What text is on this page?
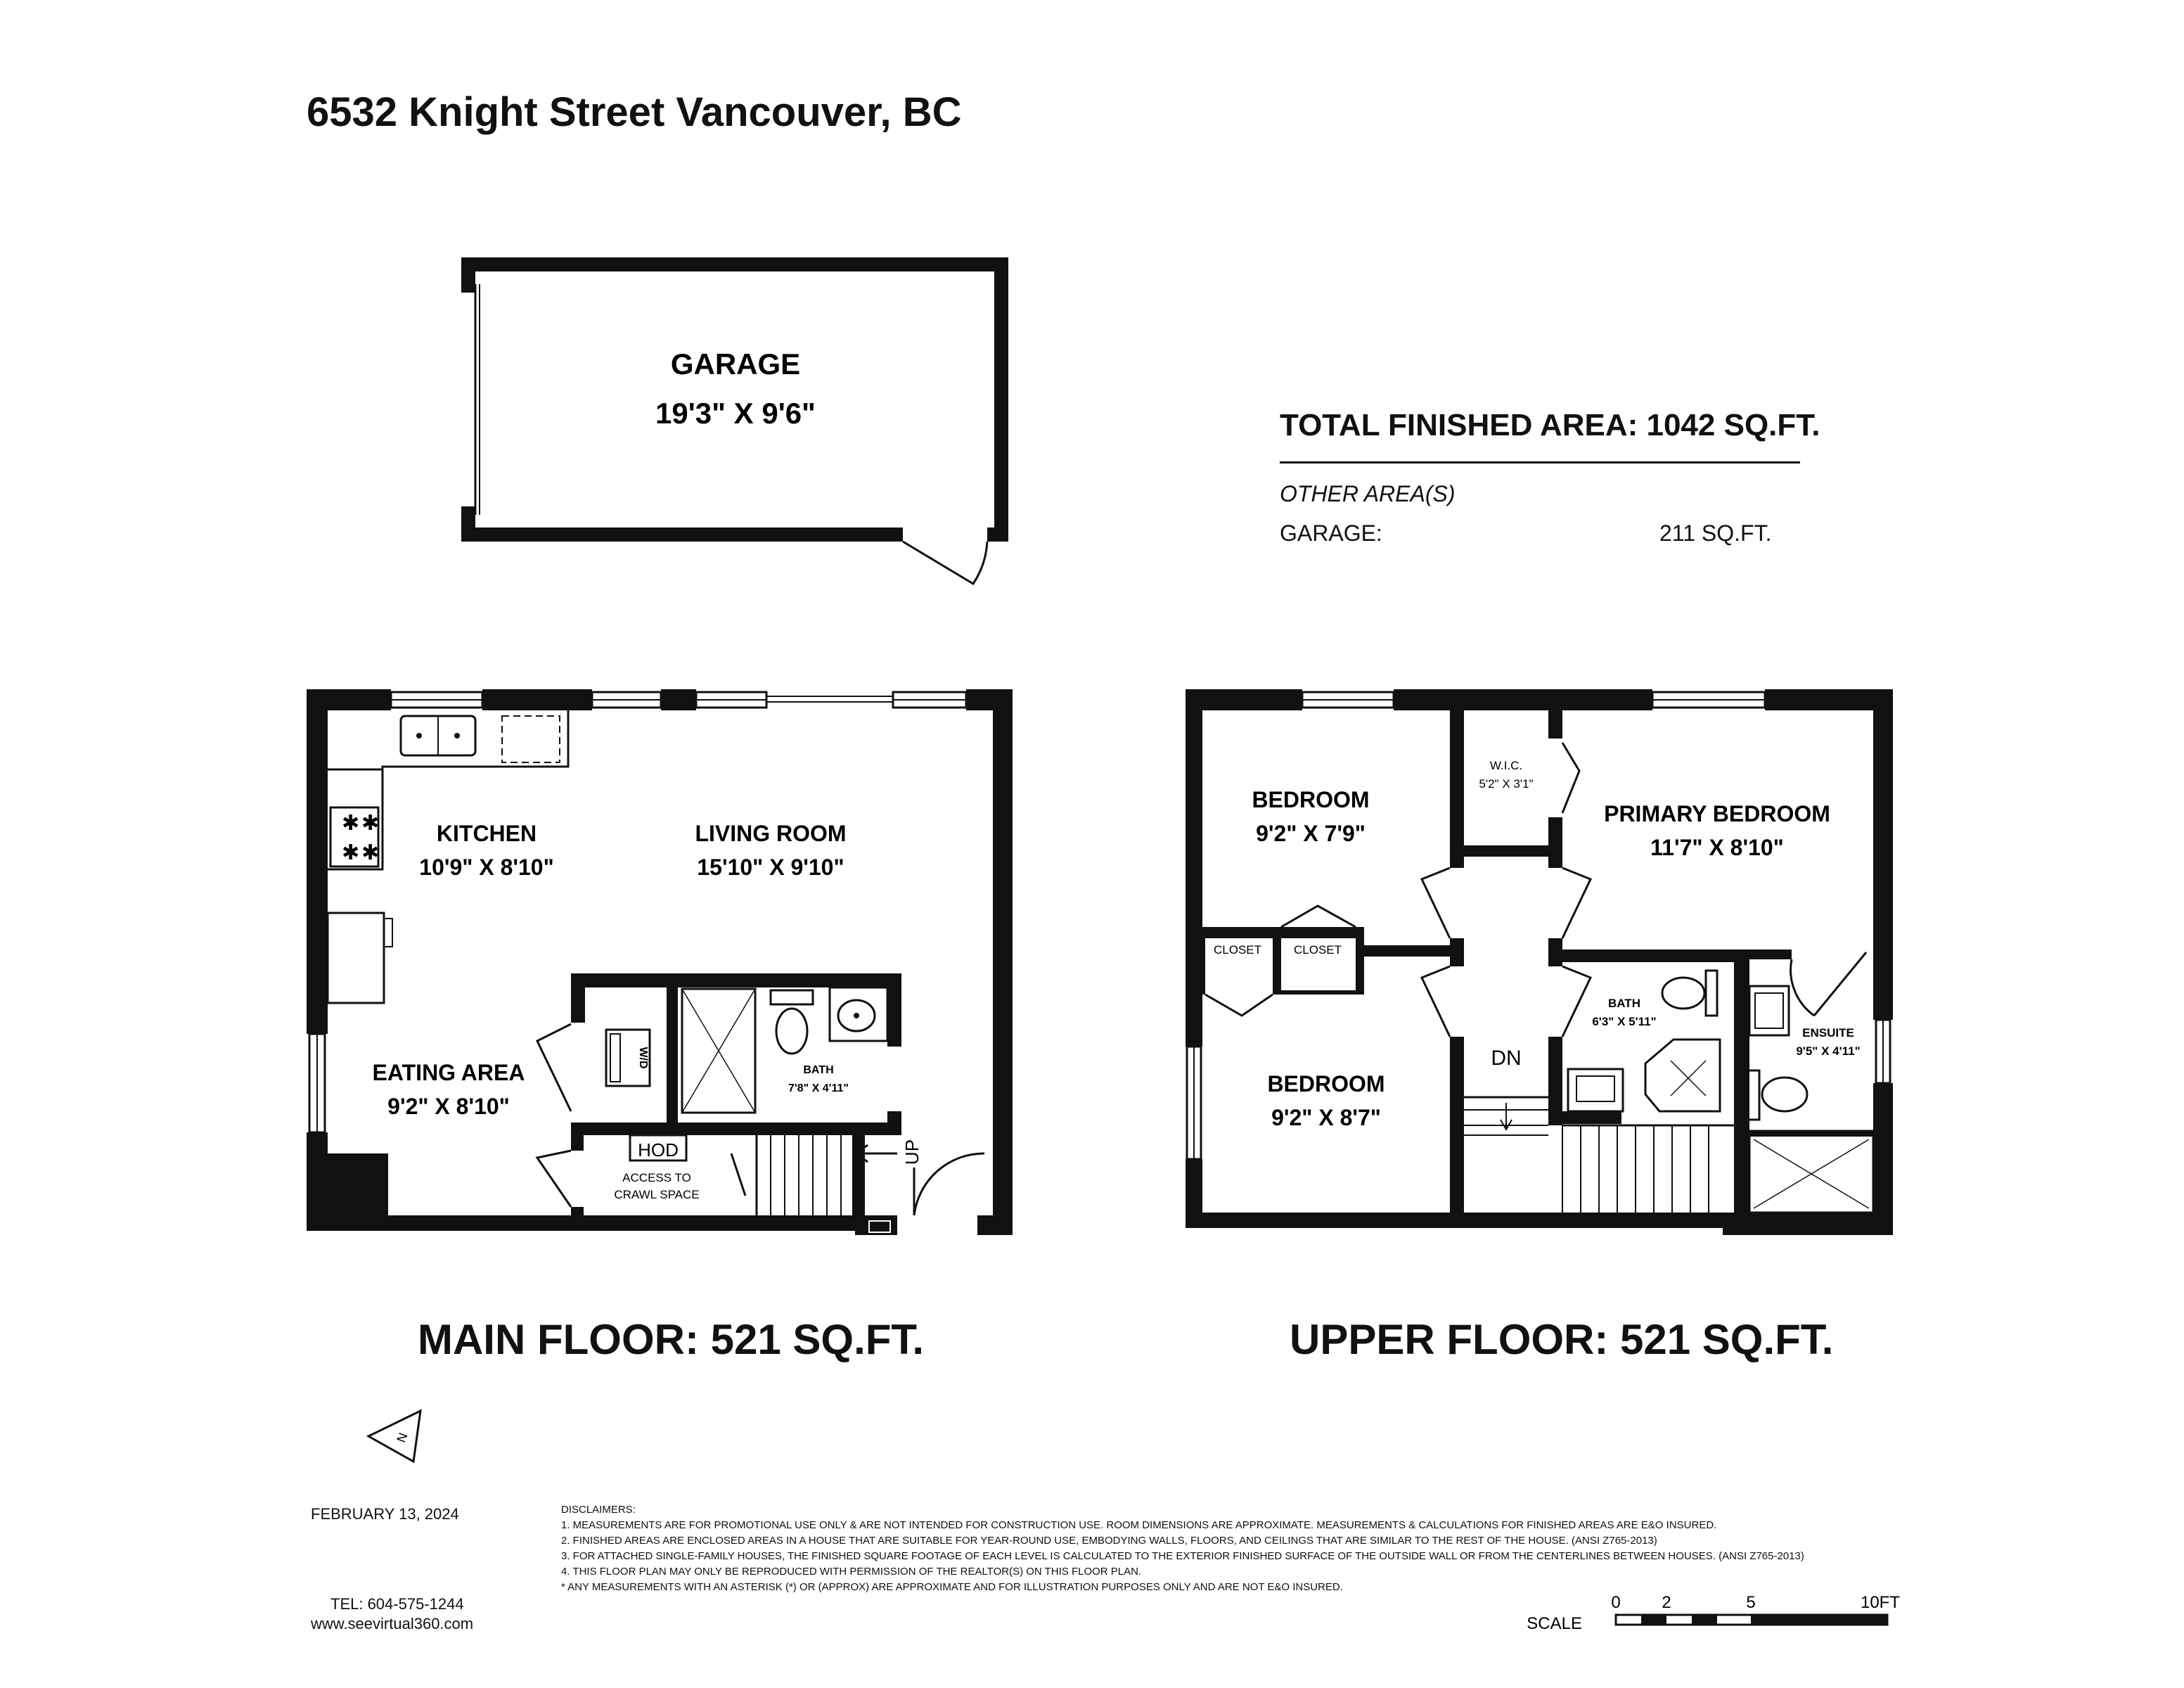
6532 Knight Street Vancouver, BC
TOTAL FINISHED AREA: 1042 SQ.FT.
OTHER AREA(S)
GARAGE:	211 SQ.FT.
GARAGE
19'3" X 9'6"
✱ ✱
✱ ✱
KITCHEN
10'9" X 8'10"
LIVING ROOM
15'10" X 9'10"
EATING AREA
9'2" X 8'10"
BATH
7'8" X 4'11"
W/D
HOD
ACCESS TO
CRAWL SPACE
UP
BEDROOM
9'2" X 7'9"
W.I.C.
5'2" X 3'1"
PRIMARY BEDROOM
11'7" X 8'10"
CLOSET	CLOSET
BATH
6'3" X 5'11"
ENSUITE
9'5" X 4'11"
BEDROOM
9'2" X 8'7"
DN
N
SCALE
0 2	5	10FT
MAIN FLOOR: 521 SQ.FT.	UPPER FLOOR: 521 SQ.FT.
FEBRUARY 13, 2024
TEL: 604-575-1244
www.seevirtual360.com
DISCLAIMERS:
1. MEASUREMENTS ARE FOR PROMOTIONAL USE ONLY & ARE NOT INTENDED FOR CONSTRUCTION USE. ROOM DIMENSIONS ARE APPROXIMATE. MEASUREMENTS & CALCULATIONS FOR FINISHED AREAS ARE E&O INSURED.
2. FINISHED AREAS ARE ENCLOSED AREAS IN A HOUSE THAT ARE SUITABLE FOR YEAR-ROUND USE, EMBODYING WALLS, FLOORS, AND CEILINGS THAT ARE SIMILAR TO THE REST OF THE HOUSE. (ANSI Z765-2013)
3. FOR ATTACHED SINGLE-FAMILY HOUSES, THE FINISHED SQUARE FOOTAGE OF EACH LEVEL IS CALCULATED TO THE EXTERIOR FINISHED SURFACE OF THE OUTSIDE WALL OR FROM THE CENTERLINES BETWEEN HOUSES. (ANSI Z765-2013)
4. THIS FLOOR PLAN MAY ONLY BE REPRODUCED WITH PERMISSION OF THE REALTOR(S) ON THIS FLOOR PLAN.
* ANY MEASUREMENTS WITH AN ASTERISK (*) OR (APPROX) ARE APPROXIMATE AND FOR ILLUSTRATION PURPOSES ONLY AND ARE NOT E&O INSURED.
